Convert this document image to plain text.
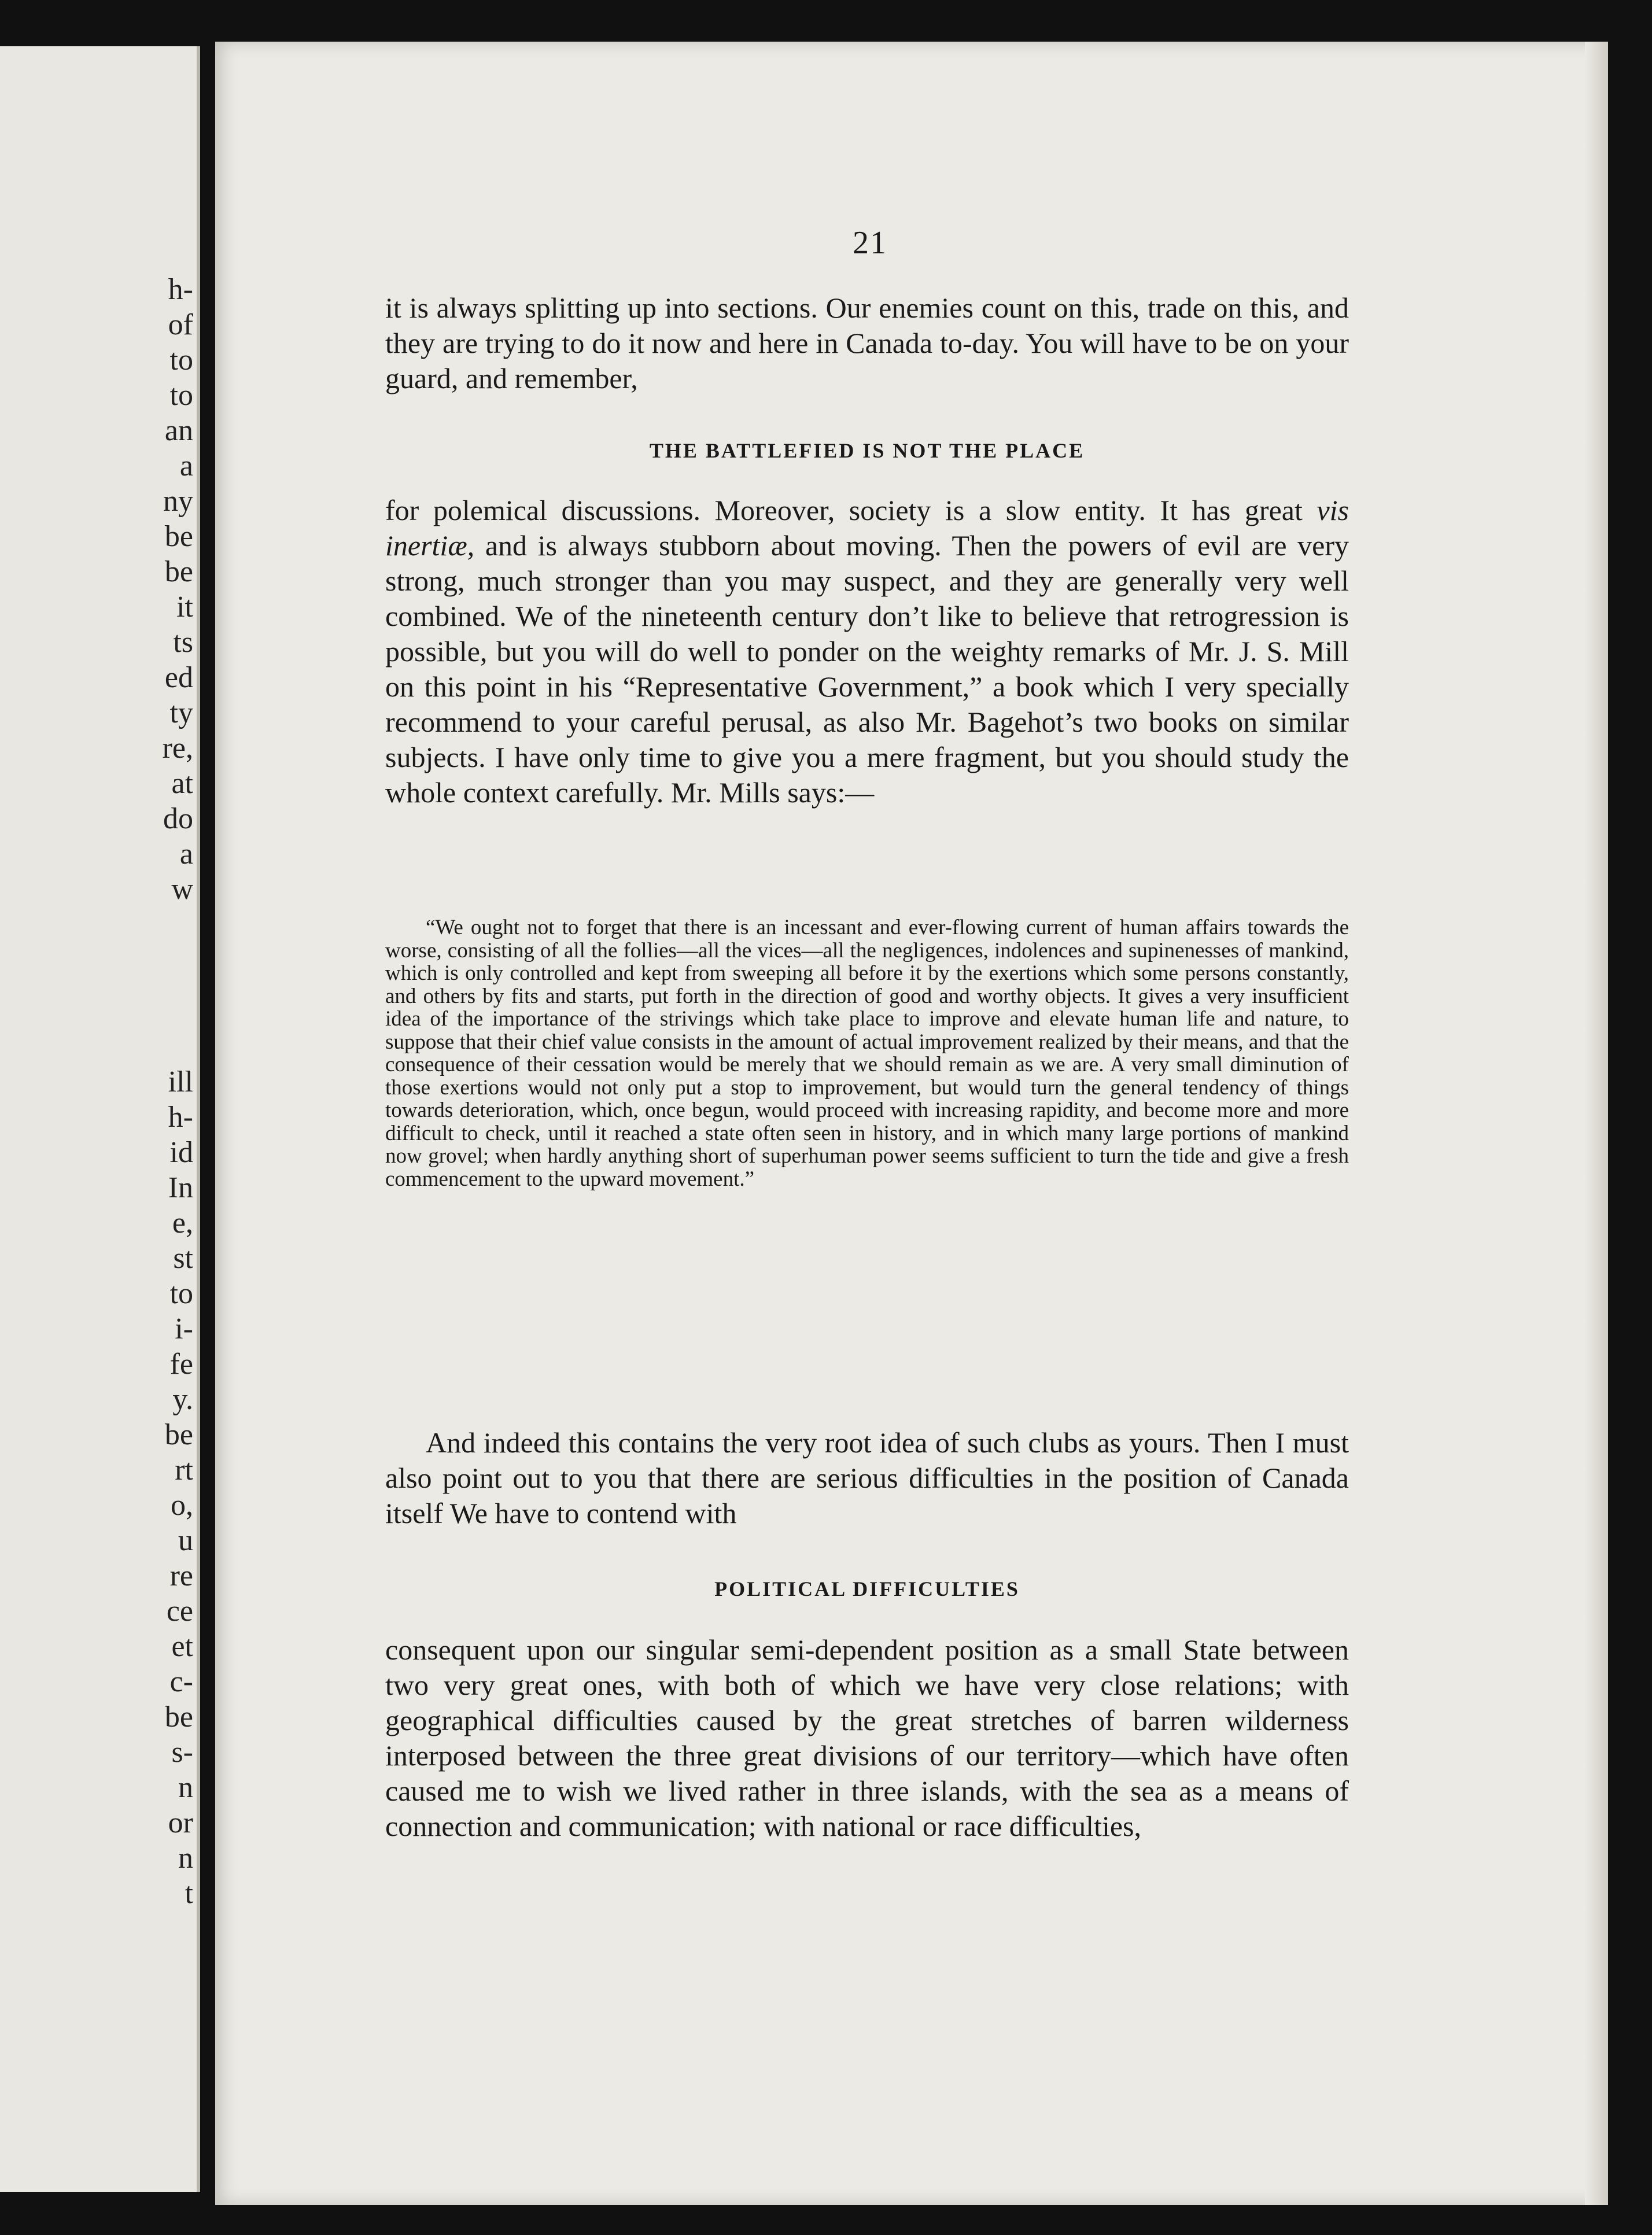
h-
of
to
to
an
a
ny
be
be
it
ts
ed
ty
re,
at
do
a
w
ill
h-
id
In
e,
st
to
i-
fe
y.
be
rt
o,
u
re
ce
et
c-
be
s-
n
or
n
t
21

it is always splitting up into sections. Our enemies count on this, trade on this, and they are trying to do it now and here in Canada to-day. You will have to be on your guard, and remember,

THE BATTLEFIED IS NOT THE PLACE

for polemical discussions. Moreover, society is a slow entity. It has great vis inertiæ, and is always stubborn about moving. Then the powers of evil are very strong, much stronger than you may suspect, and they are generally very well combined. We of the nineteenth century don’t like to believe that retrogression is possible, but you will do well to ponder on the weighty remarks of Mr. J. S. Mill on this point in his “Representative Government,” a book which I very specially recommend to your careful perusal, as also Mr. Bagehot’s two books on similar subjects. I have only time to give you a mere fragment, but you should study the whole context carefully. Mr. Mills says:—

“We ought not to forget that there is an incessant and ever-flowing current of human affairs towards the worse, consisting of all the follies—all the vices—all the negligences, indolences and supinenesses of mankind, which is only controlled and kept from sweeping all before it by the exertions which some persons constantly, and others by fits and starts, put forth in the direction of good and worthy objects. It gives a very insufficient idea of the importance of the strivings which take place to improve and elevate human life and nature, to suppose that their chief value consists in the amount of actual improvement realized by their means, and that the consequence of their cessation would be merely that we should remain as we are. A very small diminution of those exertions would not only put a stop to improvement, but would turn the general tendency of things towards deterioration, which, once begun, would proceed with increasing rapidity, and become more and more difficult to check, until it reached a state often seen in history, and in which many large portions of mankind now grovel; when hardly anything short of superhuman power seems sufficient to turn the tide and give a fresh commencement to the upward movement.”

And indeed this contains the very root idea of such clubs as yours. Then I must also point out to you that there are serious difficulties in the position of Canada itself We have to contend with

POLITICAL DIFFICULTIES

consequent upon our singular semi-dependent position as a small State between two very great ones, with both of which we have very close relations; with geographical difficulties caused by the great stretches of barren wilderness interposed between the three great divisions of our territory—which have often caused me to wish we lived rather in three islands, with the sea as a means of connection and communication; with national or race difficulties,
